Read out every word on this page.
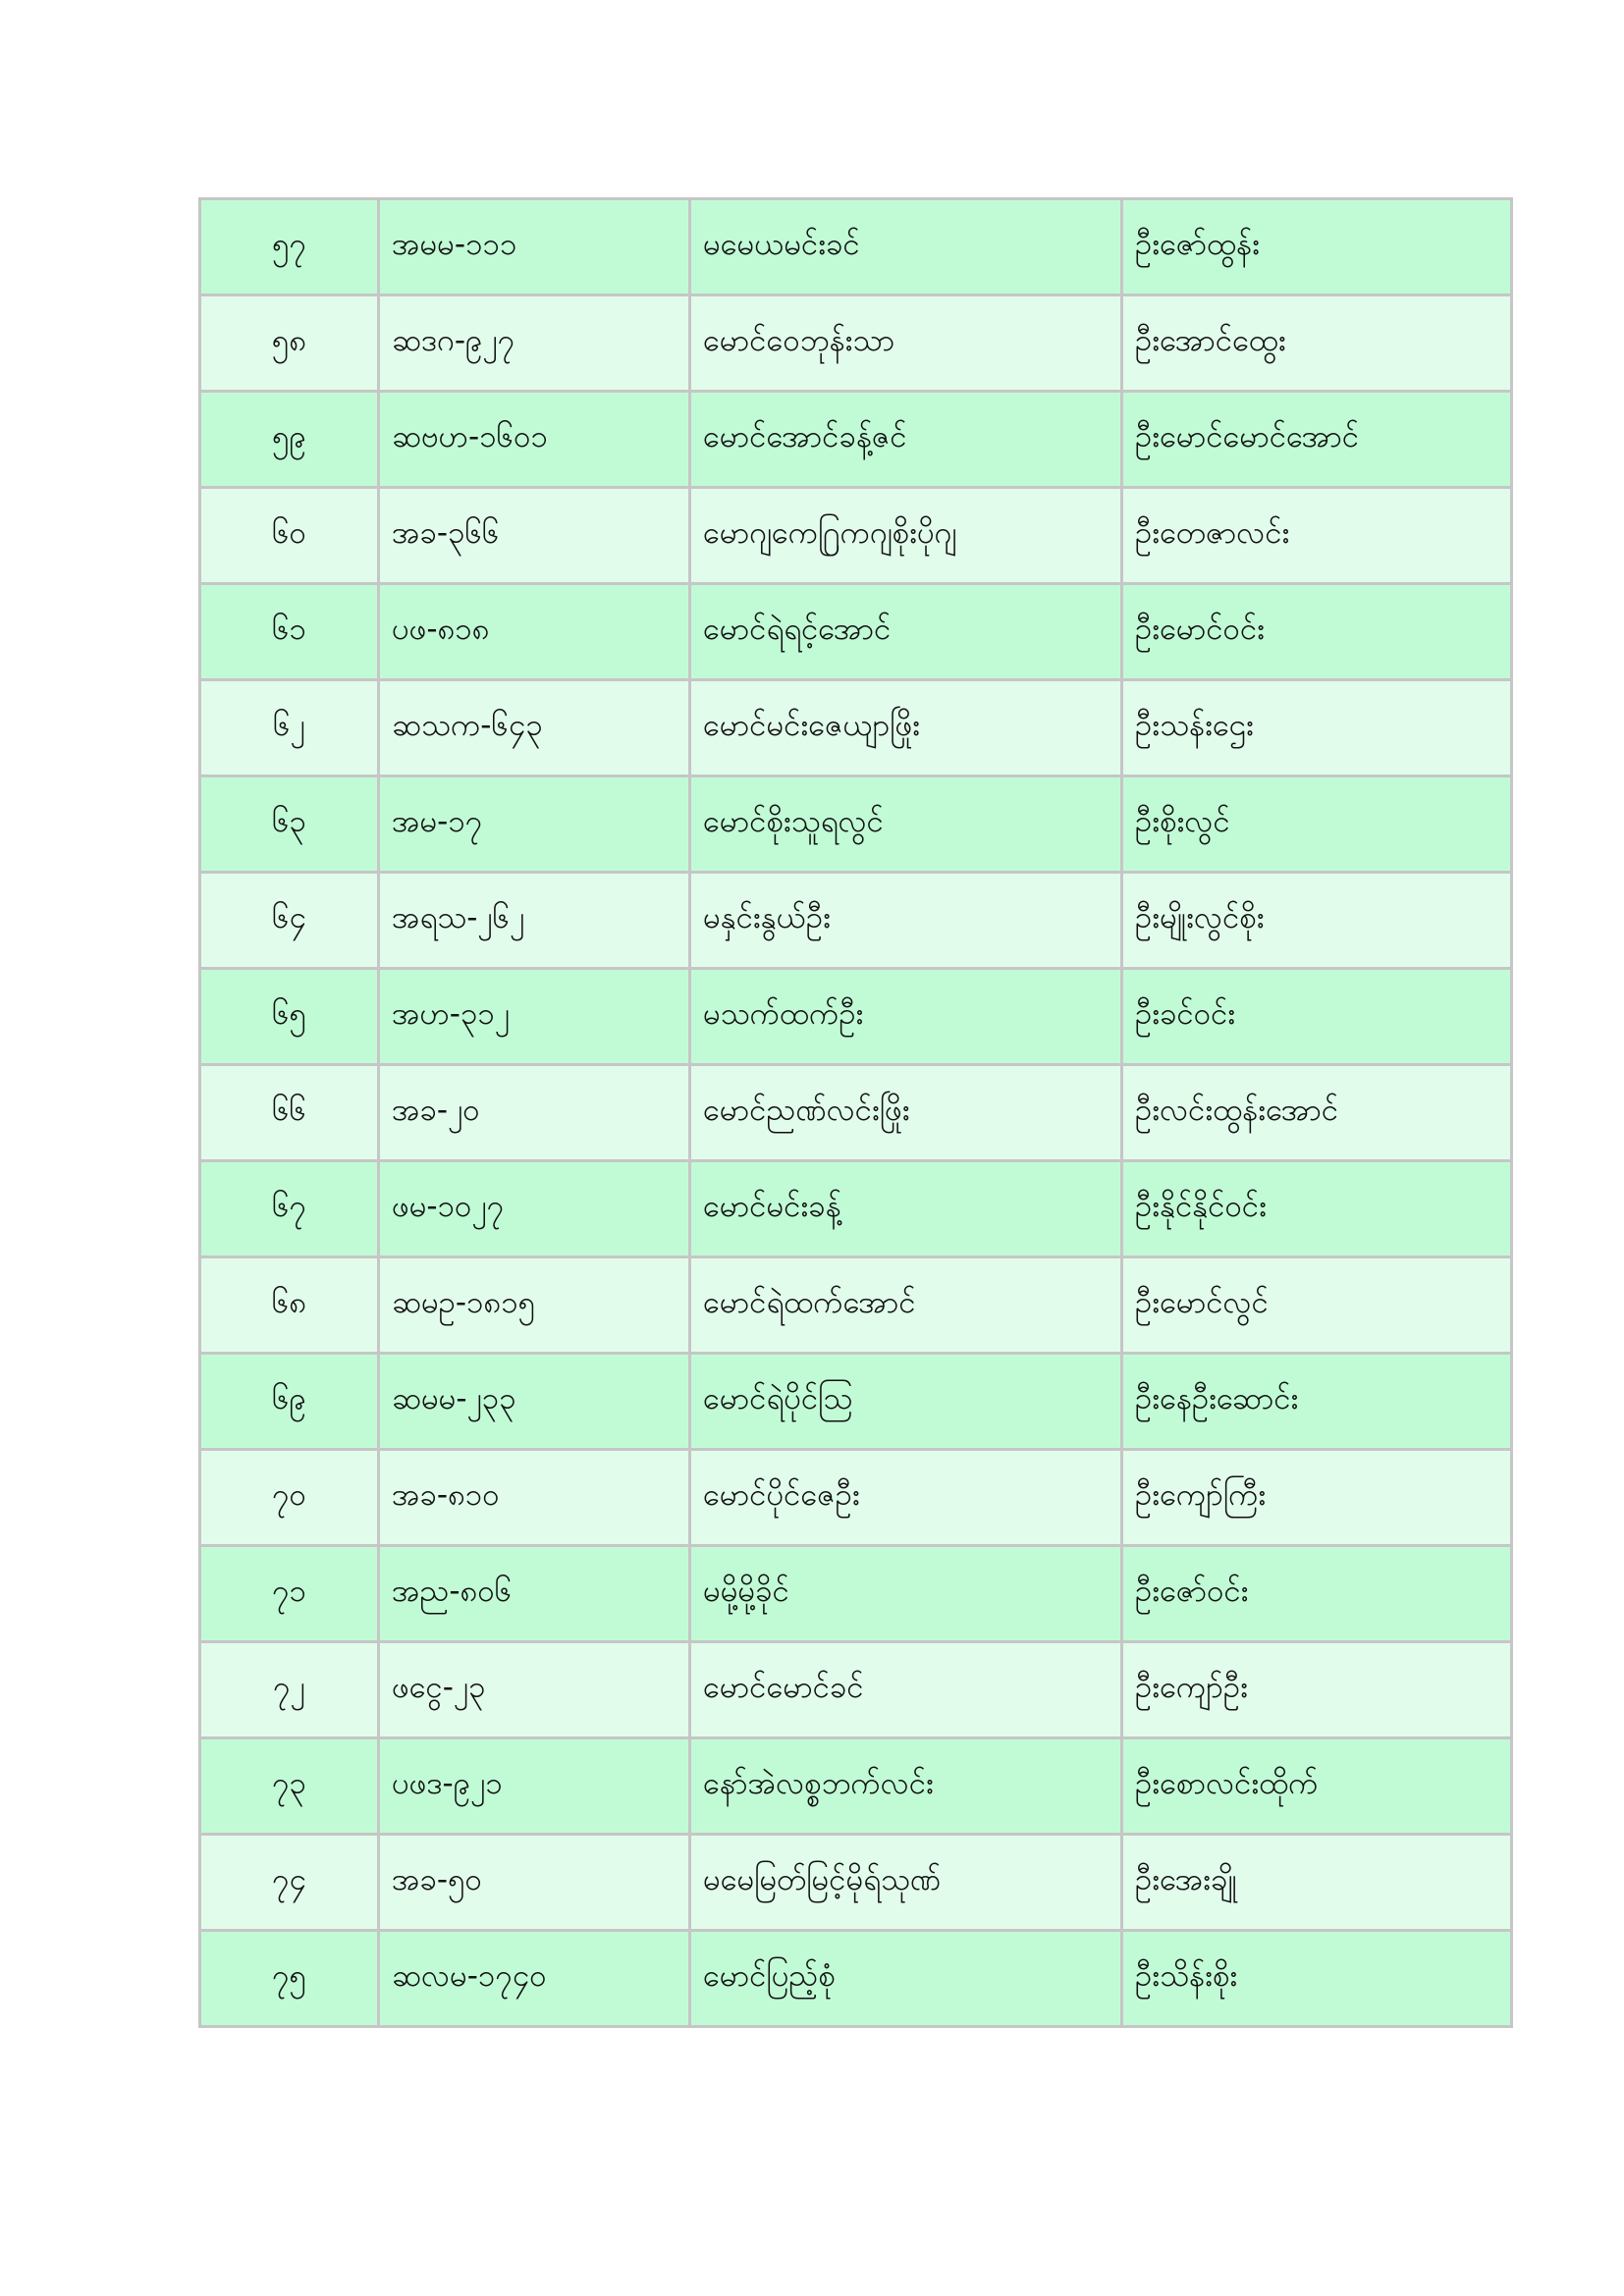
၅၇	အမမ-၁၁၁	မမေယမင်းခင်	ဦးဇော်ထွန်း
၅၈	ဆဒဂ-၉၂၇	မောင်ဝေဘုန်းသာ	ဦးအောင်ထွေး
၅၉	ဆဗဟ-၁၆၀၁	မောင်အောင်ခန့်ဇင်	ဦးမောင်မောင်အောင်
၆၀	အခ-၃၆၆	မောဂျကေ႐ြကဂျစိုးပိုဂျ	ဦးတေဇာလင်း
၆၁	ပဖ-၈၁၈	မောင်ရဲရင့်အောင်	ဦးမောင်ဝင်း
၆၂	ဆသက-၆၄၃	မောင်မင်းဇေယျာဖြိုး	ဦးသန်းဌေး
၆၃	အမ-၁၇	မောင်စိုးသူရလွင်	ဦးစိုးလွင်
၆၄	အရသ-၂၆၂	မနှင်းနွယ်ဦး	ဦးမျိုးလွင်စိုး
၆၅	အဟ-၃၁၂	မသက်ထက်ဦး	ဦးခင်ဝင်း
၆၆	အခ-၂၀	မောင်ညဏ်လင်းဖြိုး	ဦးလင်းထွန်းအောင်
၆၇	ဖမ-၁၀၂၇	မောင်မင်းခန့်	ဦးနိုင်နိုင်ဝင်း
၆၈	ဆမဥ-၁၈၁၅	မောင်ရဲထက်အောင်	ဦးမောင်လွင်
၆၉	ဆမမ-၂၃၃	မောင်ရဲပိုင်ဩ	ဦးနေဦးဆောင်း
၇၀	အခ-၈၁၀	မောင်ပိုင်ဇေဦး	ဦးကျော်ကြီး
၇၁	အည-၈၀၆	မမို့မို့ခိုင်	ဦးဇော်ဝင်း
၇၂	ဖငွေ-၂၃	မောင်မောင်ခင်	ဦးကျော်ဦး
၇၃	ပဖဒ-၉၂၁	နော်အဲလစ္စဘက်လင်း	ဦးစောလင်းထိုက်
၇၄	အခ-၅၀	မမေမြတ်မြင့်မိုရ်သုဏ်	ဦးအေးချို
၇၅	ဆလမ-၁၇၄၀	မောင်ပြည့်စုံ	ဦးသိန်းစိုး
